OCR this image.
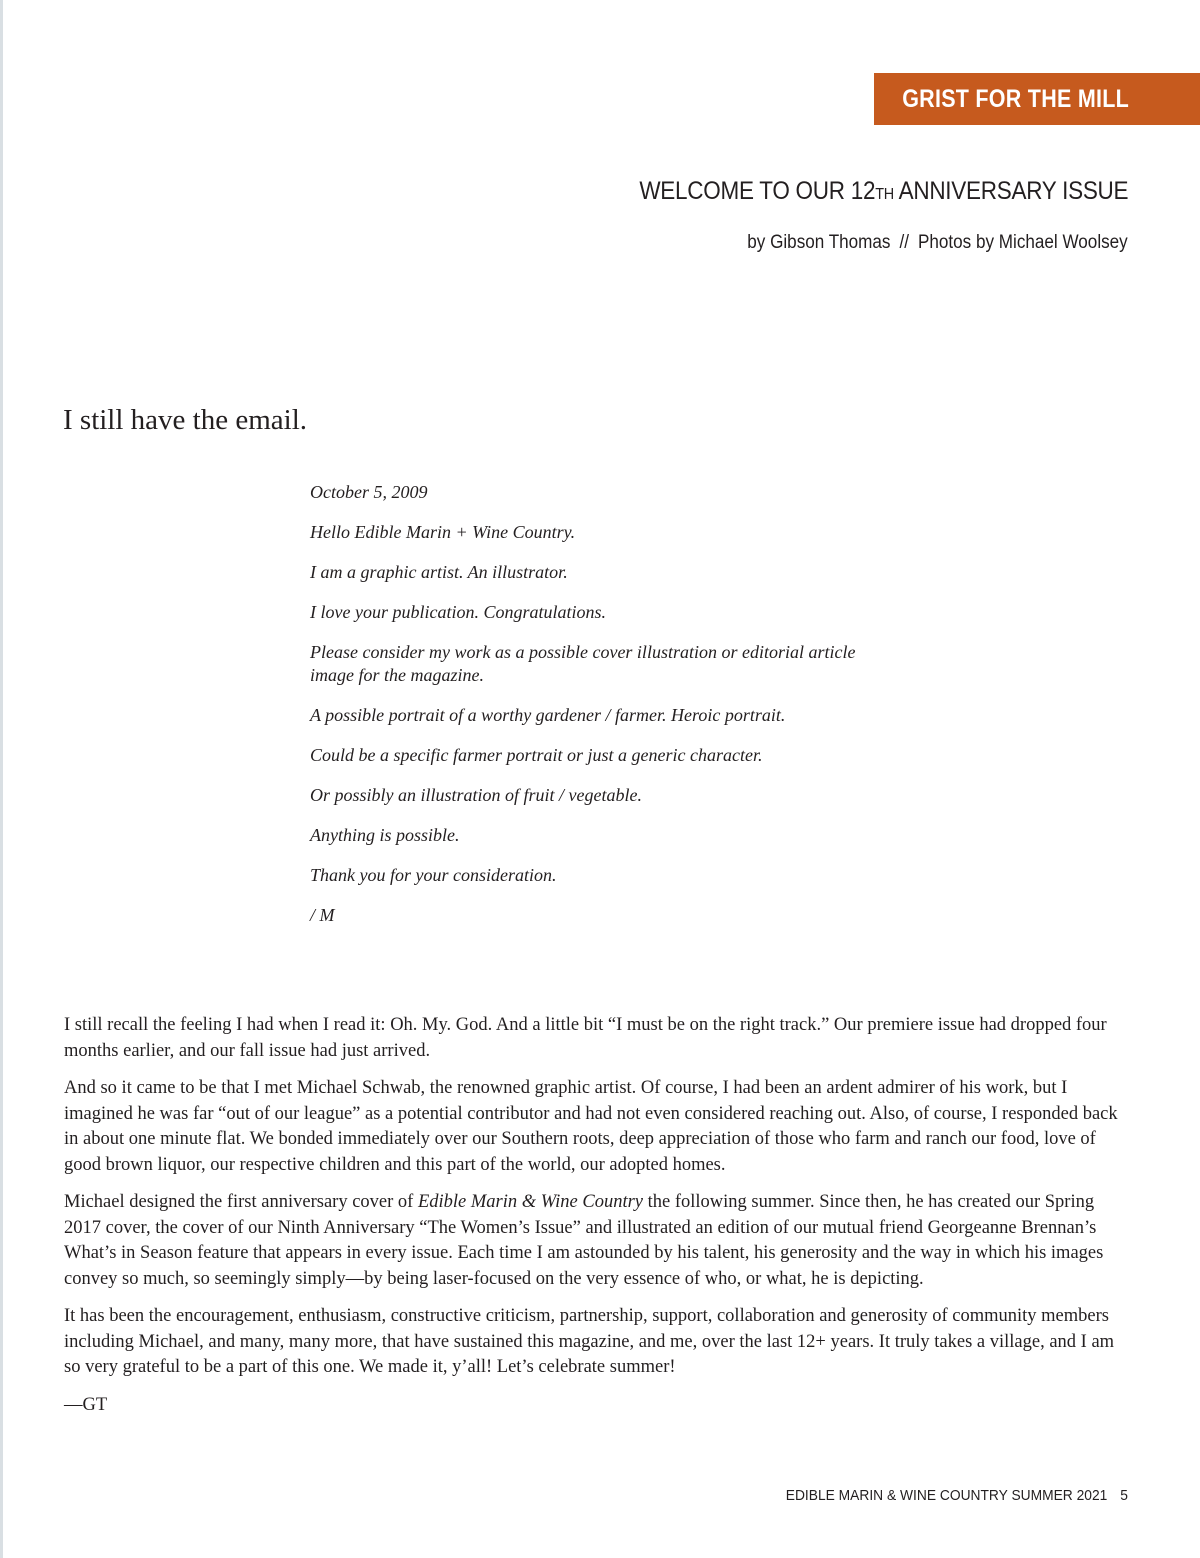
GRIST FOR THE MILL
WELCOME TO OUR 12TH ANNIVERSARY ISSUE
by Gibson Thomas // Photos by Michael Woolsey
I still have the email.

October 5, 2009

Hello Edible Marin + Wine Country.

I am a graphic artist. An illustrator.

I love your publication. Congratulations.

Please consider my work as a possible cover illustration or editorial article image for the magazine.

A possible portrait of a worthy gardener / farmer. Heroic portrait.

Could be a specific farmer portrait or just a generic character.

Or possibly an illustration of fruit / vegetable.

Anything is possible.

Thank you for your consideration.

/ M

I still recall the feeling I had when I read it: Oh. My. God. And a little bit “I must be on the right track.” Our premiere issue had dropped four months earlier, and our fall issue had just arrived.

And so it came to be that I met Michael Schwab, the renowned graphic artist. Of course, I had been an ardent admirer of his work, but I imagined he was far “out of our league” as a potential contributor and had not even considered reaching out. Also, of course, I responded back in about one minute flat. We bonded immediately over our Southern roots, deep appreciation of those who farm and ranch our food, love of good brown liquor, our respective children and this part of the world, our adopted homes.

Michael designed the first anniversary cover of Edible Marin & Wine Country the following summer. Since then, he has created our Spring 2017 cover, the cover of our Ninth Anniversary “The Women’s Issue” and illustrated an edition of our mutual friend Georgeanne Brennan’s What’s in Season feature that appears in every issue. Each time I am astounded by his talent, his generosity and the way in which his images convey so much, so seemingly simply—by being laser-focused on the very essence of who, or what, he is depicting.

It has been the encouragement, enthusiasm, constructive criticism, partnership, support, collaboration and generosity of community members including Michael, and many, many more, that have sustained this magazine, and me, over the last 12+ years. It truly takes a village, and I am so very grateful to be a part of this one. We made it, y’all! Let’s celebrate summer!

—GT

EDIBLE MARIN & WINE COUNTRY SUMMER 2021 5
